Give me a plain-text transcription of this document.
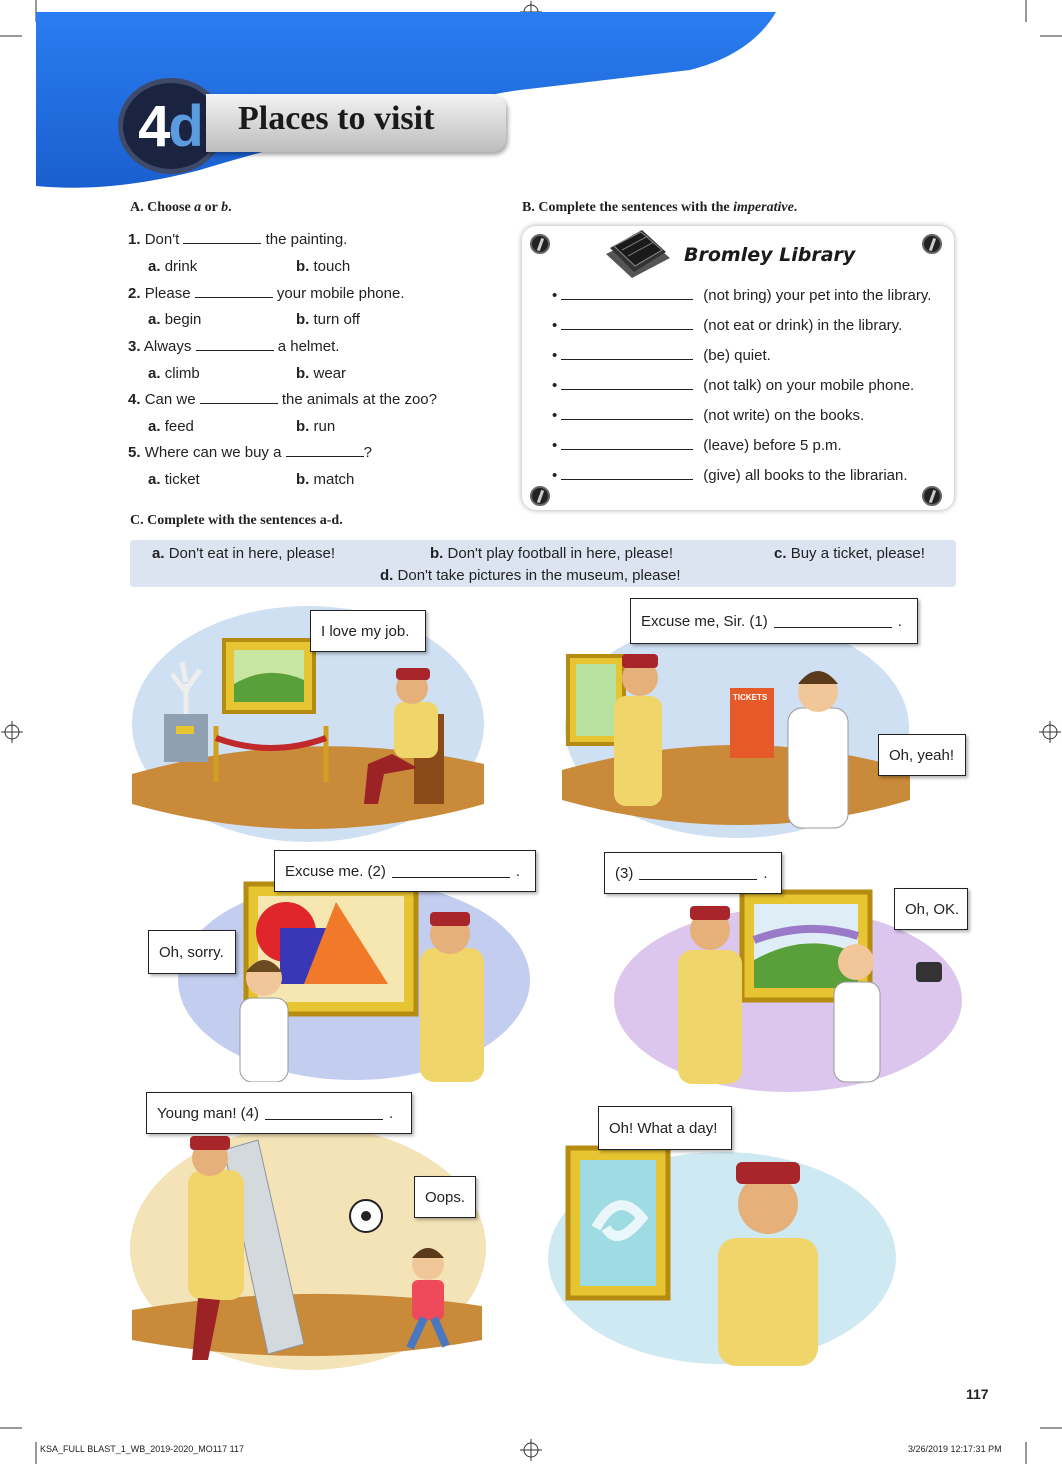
4 d Places to visit
A. Choose a or b.
1. Don't	the painting.
a. drink	b. touch
2. Please	your mobile phone.
a. begin	b. turn off
3. Always	a helmet.
a. climb	b. wear
4. Can we	the animals at the zoo?
a. feed	b. run
5. Where can we buy a	?
a. ticket	b. match
B. Complete the sentences with the imperative.
Bromley Library
•	(not bring) your pet into the library.
•	(not eat or drink) in the library.
•	(be) quiet.
•	(not talk) on your mobile phone.
•	(not write) on the books.
•	(leave) before 5 p.m.
•	(give) all books to the librarian.
C. Complete with the sentences a-d.
a. Don't eat in here, please!	b. Don't play football in here, please!	c. Buy a ticket, please!
d. Don't take pictures in the museum, please!
TICKETS
I love my job.
Excuse me, Sir. (1)	.
Oh, yeah!
Excuse me. (2)	.	(3)	.
Oh, OK.
Oh, sorry.
Young man! (4)	.
Oops.
Oh! What a day!
117
KSA_FULL BLAST_1_WB_2019-2020_MO117 117	3/26/2019 12:17:31 PM
